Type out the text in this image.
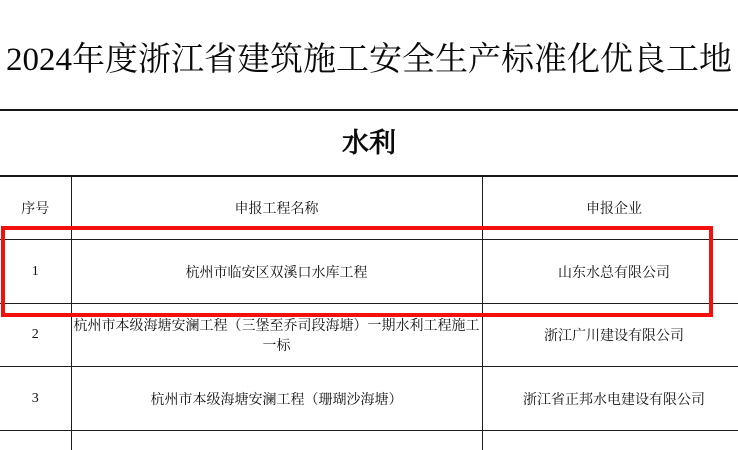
2024年度浙江省建筑施工安全生产标准化优良工地
水利
序号	申报工程名称	申报企业
1	杭州市临安区双溪口水库工程	山东水总有限公司
2	杭州市本级海塘安澜工程（三堡至乔司段海塘）一期水利工程施工一标	浙江广川建设有限公司
3	杭州市本级海塘安澜工程（珊瑚沙海塘）	浙江省正邦水电建设有限公司
